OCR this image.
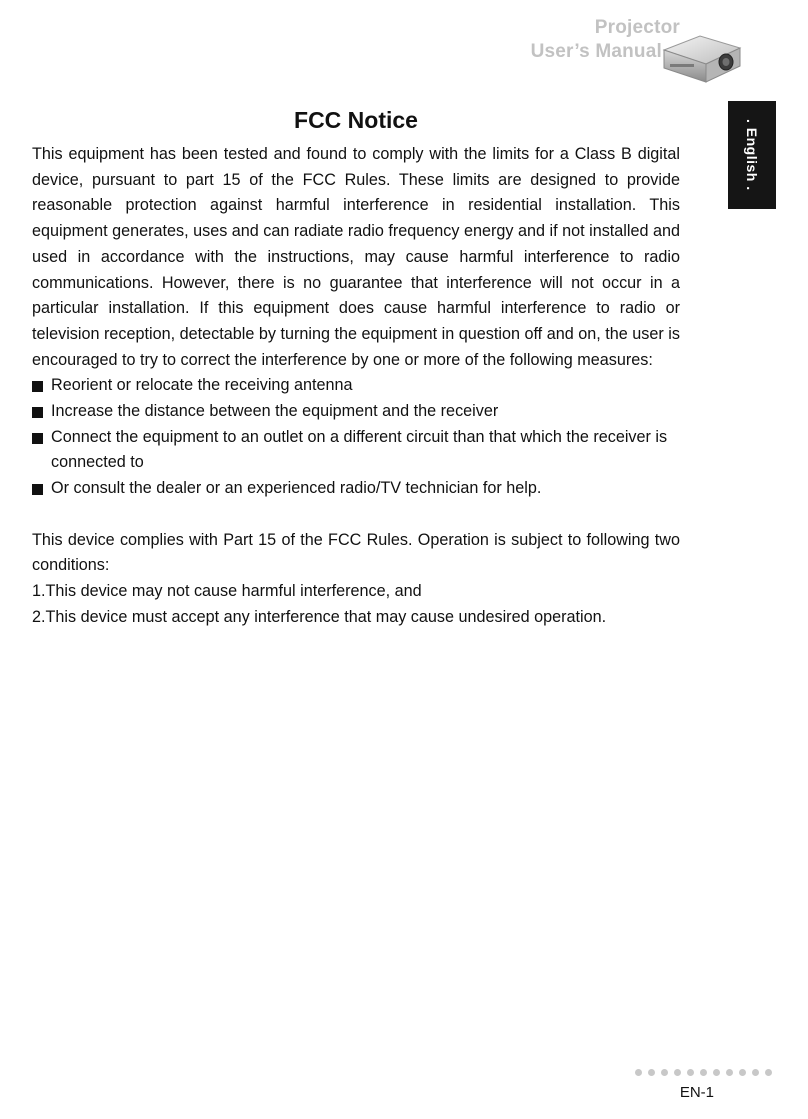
Projector
User’s Manual
. English .
FCC Notice

This equipment has been tested and found to comply with the limits for a Class B digital device, pursuant to part 15 of the FCC Rules. These limits are designed to provide reasonable protection against harmful interference in residential installation. This equipment generates, uses and can radiate radio frequency energy and if not installed and used in accordance with the instructions, may cause harmful interference to radio communications. However, there is no guarantee that interference will not occur in a particular installation. If this equipment does cause harmful interference to radio or television reception, detectable by turning the equipment in question off and on, the user is encouraged to try to correct the interference by one or more of the following measures:

Reorient or relocate the receiving antenna
Increase the distance between the equipment and the receiver
Connect the equipment to an outlet on a different circuit than that which the receiver is connected to
Or consult the dealer or an experienced radio/TV technician for help.

This device complies with Part 15 of the FCC Rules. Operation is subject to following two conditions:

1.This device may not cause harmful interference, and

2.This device must accept any interference that may cause undesired operation.

EN-1
